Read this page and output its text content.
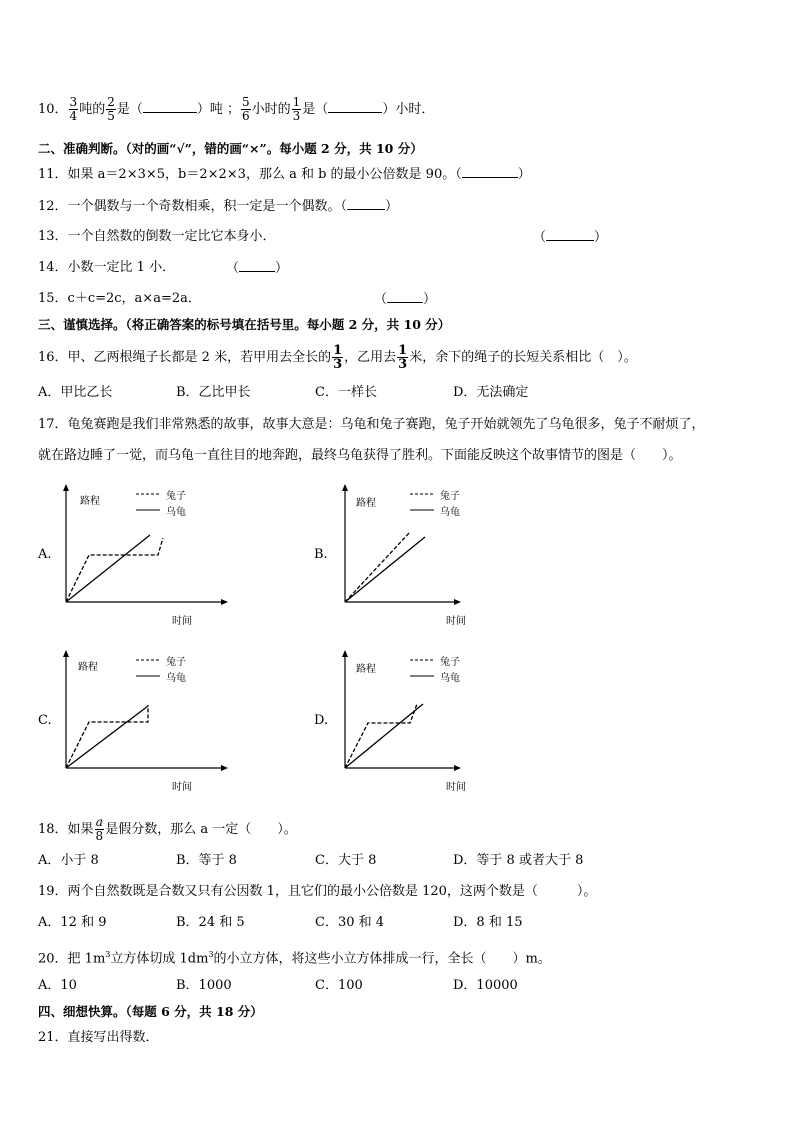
10． $\frac{3}{4}$ 吨的 $\frac{2}{5}$ 是（	）吨 ； $\frac{5}{6}$ 小时的 $\frac{1}{3}$ 是（	）小时．
二、准确判断。（对的画“√”，错的画“×”。每小题 2 分，共 10 分）
11．如果 a＝2×3×5，b＝2×2×3，那么 a 和 b 的最小公倍数是 90。（	）
12．一个偶数与一个奇数相乘，积一定是一个偶数。（	）
13．一个自然数的倒数一定比它本身小．	（	）
14．小数一定比 1 小．	（	）
15．c＋c=2c，a×a=2a．	（	）
三、谨慎选择。（将正确答案的标号填在括号里。每小题 2 分，共 10 分）
16．甲、乙两根绳子长都是 2 米，若甲用去全长的 $\frac{1}{3}$ ，乙用去 $\frac{1}{3}$ 米，余下的绳子的长短关系相比（　）。
A．甲比乙长	B．乙比甲长	C．一样长	D．无法确定
17．龟兔赛跑是我们非常熟悉的故事，故事大意是：乌龟和兔子赛跑，兔子开始就领先了乌龟很多，兔子不耐烦了，
就在路边睡了一觉，而乌龟一直往目的地奔跑，最终乌龟获得了胜利。下面能反映这个故事情节的图是（　　）。
A.
路程	兔子
乌龟
时间
B.
路程
兔子
乌龟
时间
C.
路程	兔子
乌龟
时间
D.
路程
兔子
乌龟
时间
18．如果 $\frac{a}{8}$ 是假分数，那么 a 一定（　　）。
A．小于 8	B．等于 8	C．大于 8	D．等于 8 或者大于 8
19．两个自然数既是合数又只有公因数 1，且它们的最小公倍数是 120，这两个数是（　　　）。
A．12 和 9	B．24 和 5	C．30 和 4	D．8 和 15
20．把 $1m^3$立方体切成 $1dm^3$的小立方体，将这些小立方体排成一行，全长（　　）m。
A．10	B．1000	C．100	D．10000
四、细想快算。（每题 6 分，共 18 分）
21．直接写出得数．
